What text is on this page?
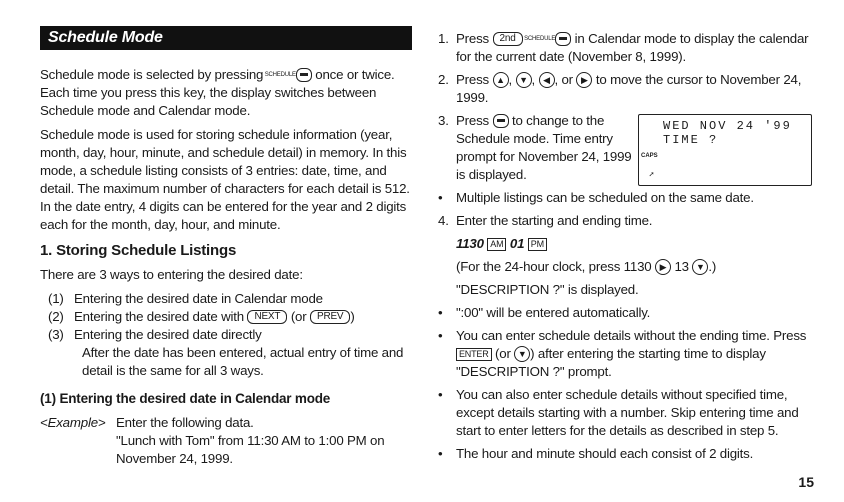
Schedule Mode

Schedule mode is selected by pressing $^{SCHEDULE}$ once or twice. Each time you press this key, the display switches between Schedule mode and Calendar mode.

Schedule mode is used for storing schedule information (year, month, day, hour, minute, and schedule detail) in memory. In this mode, a schedule listing consists of 3 entries: date, time, and detail. The maximum number of characters for each detail is 512. In the date entry, 4 digits can be entered for the year and 2 digits each for the month, day, hour, and minute.

1. Storing Schedule Listings

There are 3 ways to entering the desired date:

(1) Entering the desired date in Calendar mode
(2) Entering the desired date with NEXT (or PREV )
(3) Entering the desired date directly
After the date has been entered, actual entry of time and detail is the same for all 3 ways.
(1) Entering the desired date in Calendar mode
<Example> Enter the following data.
"Lunch with Tom" from 11:30 AM to 1:00 PM on November 24, 1999.
1. Press 2nd $^{SCHEDULE}$ in Calendar mode to display the calendar for the current date (November 8, 1999).
2. Press ▲ , ▼ , ◀ , or ▶ to move the cursor to November 24, 1999.
3. Press to change to the Schedule mode. Time entry prompt for November 24, 1999 is displayed.
WED NOV 24 '99
TIME ?
CAPS
➚
•	Multiple listings can be scheduled on the same date.
4. Enter the starting and ending time.
1130 AM 01 PM
(For the 24-hour clock, press 1130 ▶ 13 ▼ .)
"DESCRIPTION ?" is displayed.
•	":00" will be entered automatically.
•	You can enter schedule details without the ending time. Press ENTER (or ▼ ) after entering the starting time to display "DESCRIPTION ?" prompt.
•	You can also enter schedule details without specified time, except details starting with a number. Skip entering time and start to enter letters for the details as described in step 5.
•	The hour and minute should each consist of 2 digits.
15
